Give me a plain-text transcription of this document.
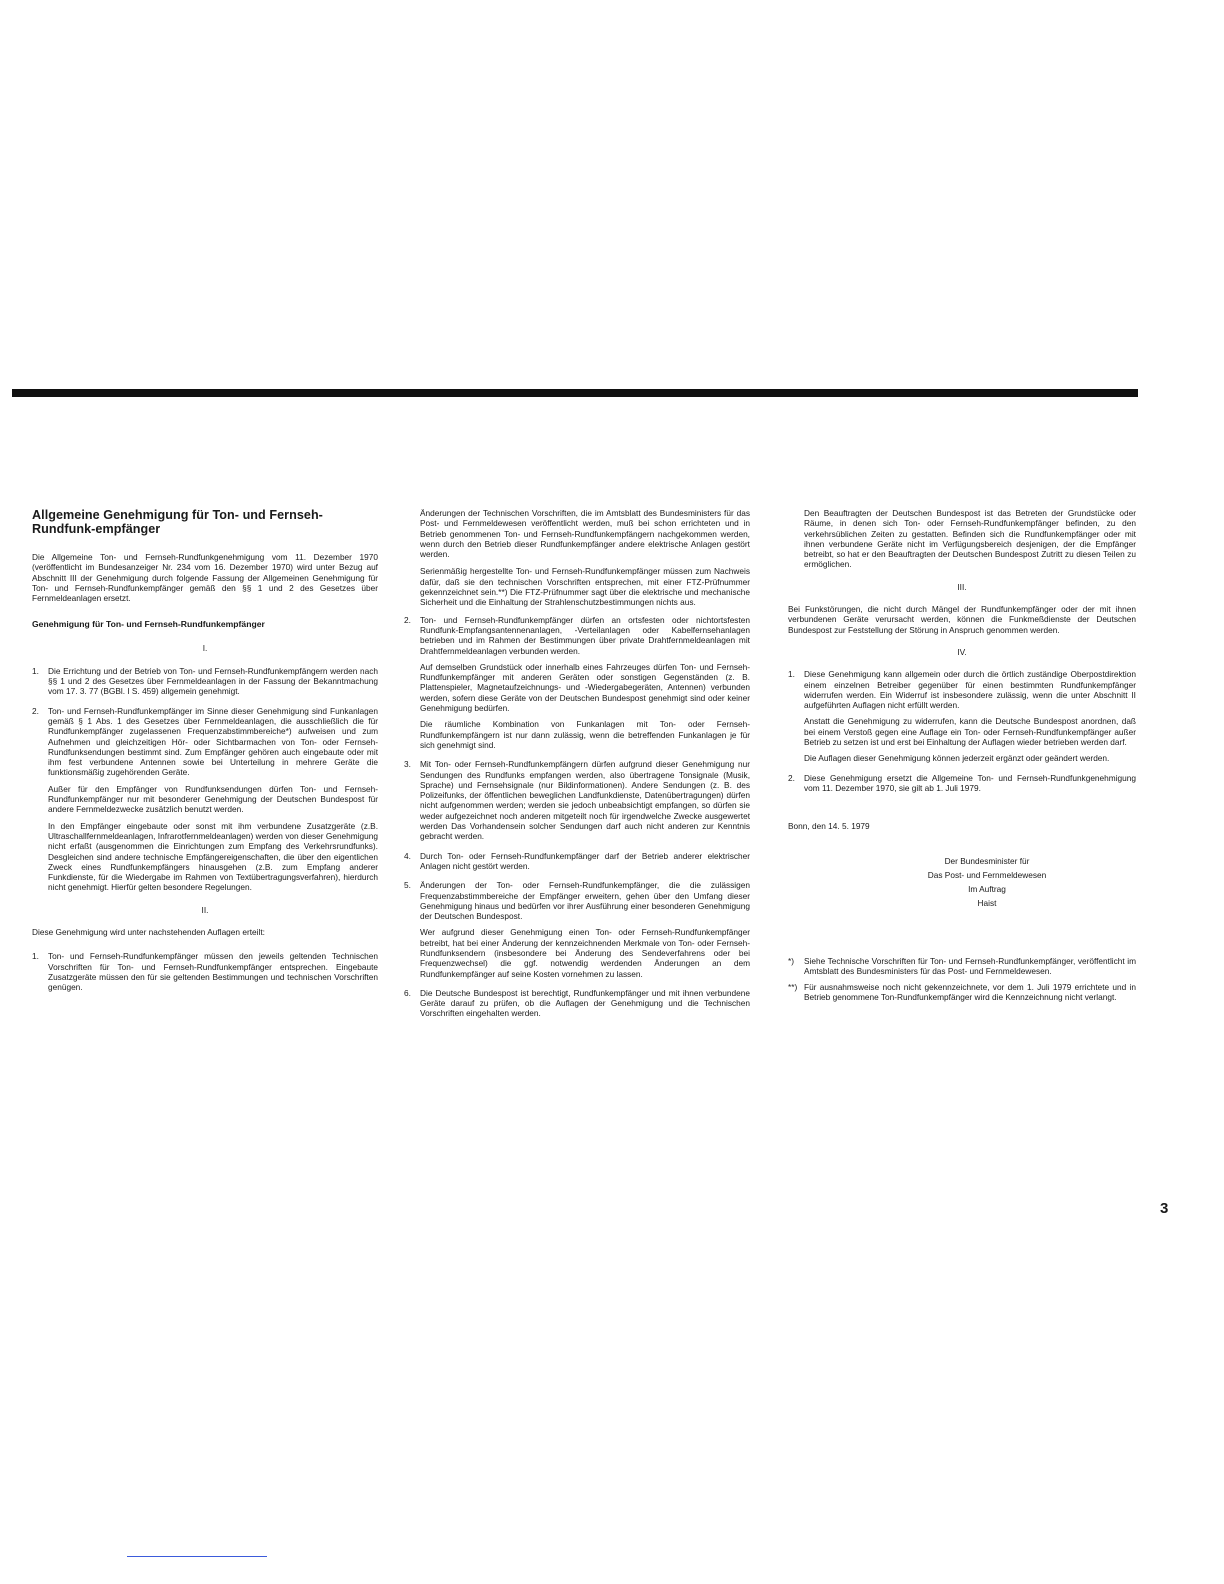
Allgemeine Genehmigung für Ton- und Fernseh-Rundfunk-empfänger

Die Allgemeine Ton- und Fernseh-Rundfunkgenehmigung vom 11. Dezember 1970 (veröffentlicht im Bundesanzeiger Nr. 234 vom 16. Dezember 1970) wird unter Bezug auf Abschnitt III der Genehmigung durch folgende Fassung der Allgemeinen Genehmigung für Ton- und Fernseh-Rundfunkempfänger gemäß den §§ 1 und 2 des Gesetzes über Fernmeldeanlagen ersetzt.

Genehmigung für Ton- und Fernseh-Rundfunkempfänger
I.
1. Die Errichtung und der Betrieb von Ton- und Fernseh-Rundfunkempfängern werden nach §§ 1 und 2 des Gesetzes über Fernmeldeanlagen in der Fassung der Bekanntmachung vom 17. 3. 77 (BGBl. I S. 459) allgemein genehmigt.

2. Ton- und Fernseh-Rundfunkempfänger im Sinne dieser Genehmigung sind Funkanlagen gemäß § 1 Abs. 1 des Gesetzes über Fernmeldeanlagen, die ausschließlich die für Rundfunkempfänger zugelassenen Frequenzabstimmbereiche*) aufweisen und zum Aufnehmen und gleichzeitigen Hör- oder Sichtbarmachen von Ton- oder Fernseh-Rundfunksendungen bestimmt sind. Zum Empfänger gehören auch eingebaute oder mit ihm fest verbundene Antennen sowie bei Unterteilung in mehrere Geräte die funktionsmäßig zugehörenden Geräte.

Außer für den Empfänger von Rundfunksendungen dürfen Ton- und Fernseh-Rundfunkempfänger nur mit besonderer Genehmigung der Deutschen Bundespost für andere Fernmeldezwecke zusätzlich benutzt werden.

In den Empfänger eingebaute oder sonst mit ihm verbundene Zusatzgeräte (z.B. Ultraschallfernmeldeanlagen, Infrarotfernmeldeanlagen) werden von dieser Genehmigung nicht erfaßt (ausgenommen die Einrichtungen zum Empfang des Verkehrsrundfunks). Desgleichen sind andere technische Empfängereigenschaften, die über den eigentlichen Zweck eines Rundfunkempfängers hinausgehen (z.B. zum Empfang anderer Funkdienste, für die Wiedergabe im Rahmen von Textübertragungsverfahren), hierdurch nicht genehmigt. Hierfür gelten besondere Regelungen.

II.

Diese Genehmigung wird unter nachstehenden Auflagen erteilt:

1. Ton- und Fernseh-Rundfunkempfänger müssen den jeweils geltenden Technischen Vorschriften für Ton- und Fernseh-Rundfunkempfänger entsprechen. Eingebaute Zusatzgeräte müssen den für sie geltenden Bestimmungen und technischen Vorschriften genügen.

Änderungen der Technischen Vorschriften, die im Amtsblatt des Bundesministers für das Post- und Fernmeldewesen veröffentlicht werden, muß bei schon errichteten und in Betrieb genommenen Ton- und Fernseh-Rundfunkempfängern nachgekommen werden, wenn durch den Betrieb dieser Rundfunkempfänger andere elektrische Anlagen gestört werden.

Serienmäßig hergestellte Ton- und Fernseh-Rundfunkempfänger müssen zum Nachweis dafür, daß sie den technischen Vorschriften entsprechen, mit einer FTZ-Prüfnummer gekennzeichnet sein.**) Die FTZ-Prüfnummer sagt über die elektrische und mechanische Sicherheit und die Einhaltung der Strahlenschutzbestimmungen nichts aus.

2. Ton- und Fernseh-Rundfunkempfänger dürfen an ortsfesten oder nichtortsfesten Rundfunk-Empfangsantennenanlagen, -Verteilanlagen oder Kabelfernsehanlagen betrieben und im Rahmen der Bestimmungen über private Drahtfernmeldeanlagen mit Drahtfernmeldeanlagen verbunden werden.

Auf demselben Grundstück oder innerhalb eines Fahrzeuges dürfen Ton- und Fernseh-Rundfunkempfänger mit anderen Geräten oder sonstigen Gegenständen (z. B. Plattenspieler, Magnetaufzeichnungs- und -Wiedergabegeräten, Antennen) verbunden werden, sofern diese Geräte von der Deutschen Bundespost genehmigt sind oder keiner Genehmigung bedürfen.

Die räumliche Kombination von Funkanlagen mit Ton- oder Fernseh-Rundfunkempfängern ist nur dann zulässig, wenn die betreffenden Funkanlagen je für sich genehmigt sind.

3. Mit Ton- oder Fernseh-Rundfunkempfängern dürfen aufgrund dieser Genehmigung nur Sendungen des Rundfunks empfangen werden, also übertragene Tonsignale (Musik, Sprache) und Fernsehsignale (nur Bildinformationen). Andere Sendungen (z. B. des Polizeifunks, der öffentlichen beweglichen Landfunkdienste, Datenübertragungen) dürfen nicht aufgenommen werden; werden sie jedoch unbeabsichtigt empfangen, so dürfen sie weder aufgezeichnet noch anderen mitgeteilt noch für irgendwelche Zwecke ausgewertet werden Das Vorhandensein solcher Sendungen darf auch nicht anderen zur Kenntnis gebracht werden.

4. Durch Ton- oder Fernseh-Rundfunkempfänger darf der Betrieb anderer elektrischer Anlagen nicht gestört werden.

5. Änderungen der Ton- oder Fernseh-Rundfunkempfänger, die die zulässigen Frequenzabstimmbereiche der Empfänger erweitern, gehen über den Umfang dieser Genehmigung hinaus und bedürfen vor ihrer Ausführung einer besonderen Genehmigung der Deutschen Bundespost.

Wer aufgrund dieser Genehmigung einen Ton- oder Fernseh-Rundfunkempfänger betreibt, hat bei einer Änderung der kennzeichnenden Merkmale von Ton- oder Fernseh-Rundfunksendern (insbesondere bei Änderung des Sendeverfahrens oder bei Frequenzwechsel) die ggf. notwendig werdenden Änderungen an dem Rundfunkempfänger auf seine Kosten vornehmen zu lassen.

6. Die Deutsche Bundespost ist berechtigt, Rundfunkempfänger und mit ihnen verbundene Geräte darauf zu prüfen, ob die Auflagen der Genehmigung und die Technischen Vorschriften eingehalten werden.

Den Beauftragten der Deutschen Bundespost ist das Betreten der Grundstücke oder Räume, in denen sich Ton- oder Fernseh-Rundfunkempfänger befinden, zu den verkehrsüblichen Zeiten zu gestatten. Befinden sich die Rundfunkempfänger oder mit ihnen verbundene Geräte nicht im Verfügungsbereich desjenigen, der die Empfänger betreibt, so hat er den Beauftragten der Deutschen Bundespost Zutritt zu diesen Teilen zu ermöglichen.

III.

Bei Funkstörungen, die nicht durch Mängel der Rundfunkempfänger oder der mit ihnen verbundenen Geräte verursacht werden, können die Funkmeßdienste der Deutschen Bundespost zur Feststellung der Störung in Anspruch genommen werden.

IV.
1. Diese Genehmigung kann allgemein oder durch die örtlich zuständige Oberpostdirektion einem einzelnen Betreiber gegenüber für einen bestimmten Rundfunkempfänger widerrufen werden. Ein Widerruf ist insbesondere zulässig, wenn die unter Abschnitt II aufgeführten Auflagen nicht erfüllt werden.

Anstatt die Genehmigung zu widerrufen, kann die Deutsche Bundespost anordnen, daß bei einem Verstoß gegen eine Auflage ein Ton- oder Fernseh-Rundfunkempfänger außer Betrieb zu setzen ist und erst bei Einhaltung der Auflagen wieder betrieben werden darf.

Die Auflagen dieser Genehmigung können jederzeit ergänzt oder geändert werden.

2. Diese Genehmigung ersetzt die Allgemeine Ton- und Fernseh-Rundfunkgenehmigung vom 11. Dezember 1970, sie gilt ab 1. Juli 1979.

Bonn, den 14. 5. 1979

Der Bundesminister für
Das Post- und Fernmeldewesen
Im Auftrag
Haist
*) Siehe Technische Vorschriften für Ton- und Fernseh-Rundfunkempfänger, veröffentlicht im Amtsblatt des Bundesministers für das Post- und Fernmeldewesen.

**) Für ausnahmsweise noch nicht gekennzeichnete, vor dem 1. Juli 1979 errichtete und in Betrieb genommene Ton-Rundfunkempfänger wird die Kennzeichnung nicht verlangt.

3
